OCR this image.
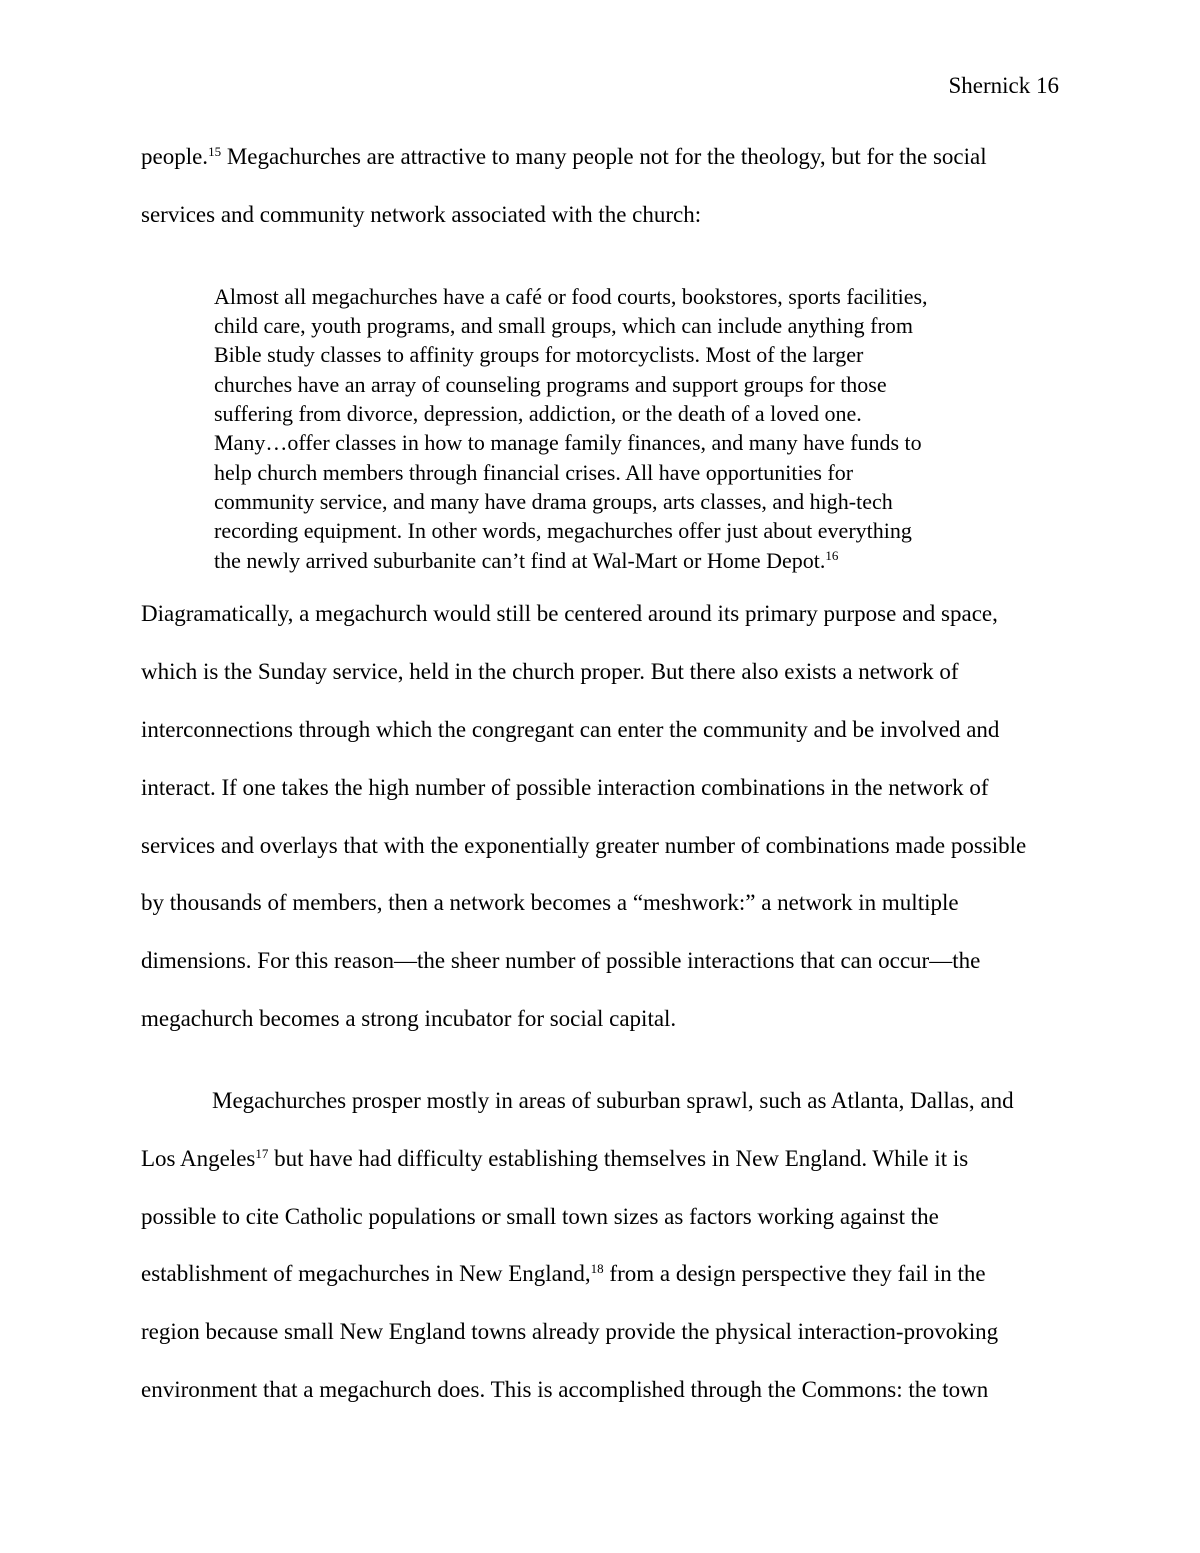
Shernick 16
people.$^{15}$ Megachurches are attractive to many people not for the theology, but for the social
services and community network associated with the church:
Almost all megachurches have a café or food courts, bookstores, sports facilities,
child care, youth programs, and small groups, which can include anything from
Bible study classes to affinity groups for motorcyclists. Most of the larger
churches have an array of counseling programs and support groups for those
suffering from divorce, depression, addiction, or the death of a loved one.
Many…offer classes in how to manage family finances, and many have funds to
help church members through financial crises. All have opportunities for
community service, and many have drama groups, arts classes, and high-tech
recording equipment. In other words, megachurches offer just about everything
the newly arrived suburbanite can’t find at Wal-Mart or Home Depot.$^{16}$
Diagramatically, a megachurch would still be centered around its primary purpose and space,
which is the Sunday service, held in the church proper. But there also exists a network of
interconnections through which the congregant can enter the community and be involved and
interact. If one takes the high number of possible interaction combinations in the network of
services and overlays that with the exponentially greater number of combinations made possible
by thousands of members, then a network becomes a “meshwork:” a network in multiple
dimensions. For this reason—the sheer number of possible interactions that can occur—the
megachurch becomes a strong incubator for social capital.
Megachurches prosper mostly in areas of suburban sprawl, such as Atlanta, Dallas, and
Los Angeles$^{17}$ but have had difficulty establishing themselves in New England. While it is
possible to cite Catholic populations or small town sizes as factors working against the
establishment of megachurches in New England,$^{18}$ from a design perspective they fail in the
region because small New England towns already provide the physical interaction-provoking
environment that a megachurch does. This is accomplished through the Commons: the town
